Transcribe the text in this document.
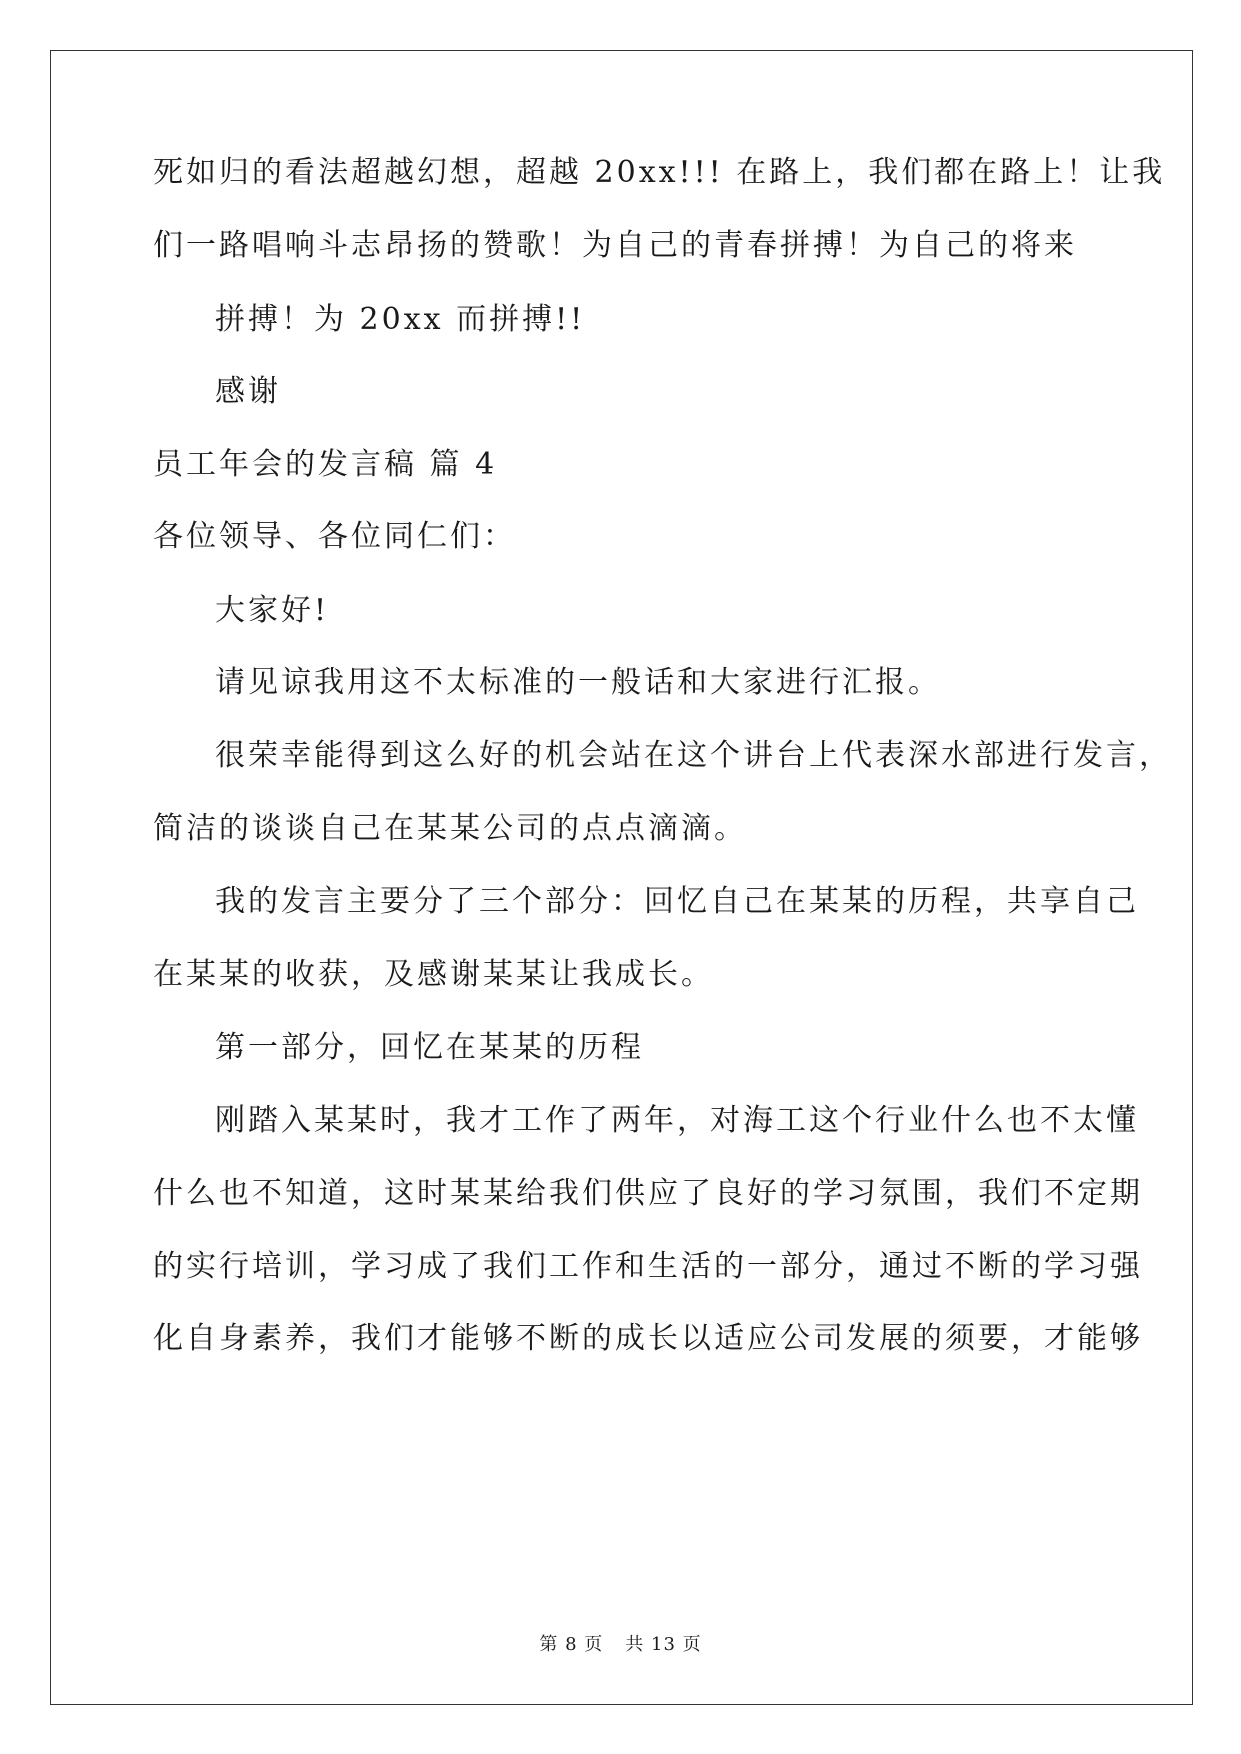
死如归的看法超越幻想，超越 20xx!!! 在路上，我们都在路上！让我
们一路唱响斗志昂扬的赞歌！为自己的青春拼搏！为自己的将来
拼搏！为 20xx 而拼搏!!
感谢
员工年会的发言稿 篇 4
各位领导、各位同仁们：
大家好!
请见谅我用这不太标准的一般话和大家进行汇报。
很荣幸能得到这么好的机会站在这个讲台上代表深水部进行发言，
简洁的谈谈自己在某某公司的点点滴滴。
我的发言主要分了三个部分：回忆自己在某某的历程，共享自己
在某某的收获，及感谢某某让我成长。
第一部分，回忆在某某的历程
刚踏入某某时，我才工作了两年，对海工这个行业什么也不太懂
什么也不知道，这时某某给我们供应了良好的学习氛围，我们不定期
的实行培训，学习成了我们工作和生活的一部分，通过不断的学习强
化自身素养，我们才能够不断的成长以适应公司发展的须要，才能够
第 8 页 共 13 页
